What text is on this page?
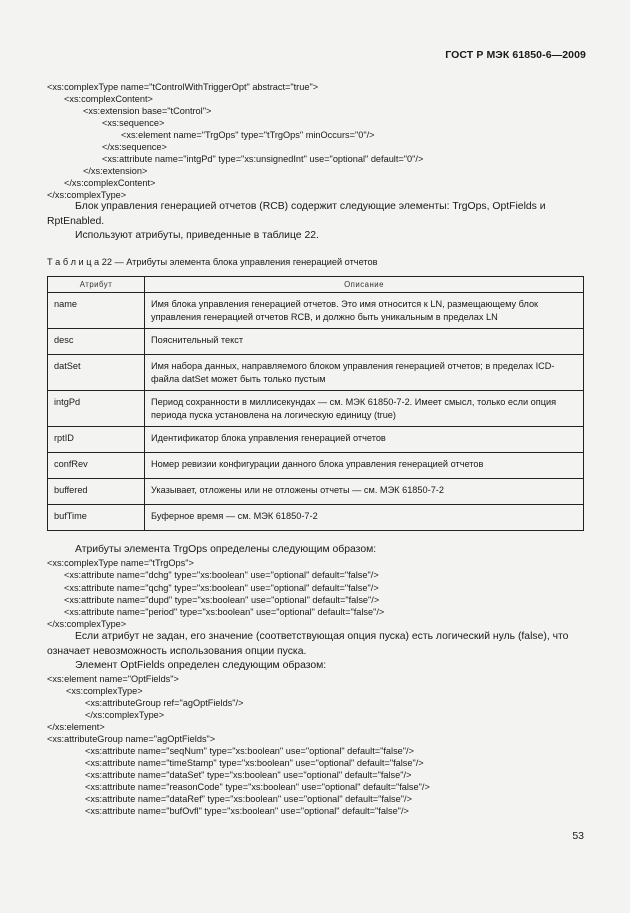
ГОСТ Р МЭК 61850-6—2009
<xs:complexType name="tControlWithTriggerOpt" abstract="true">
<xs:complexContent>
<xs:extension base="tControl">
<xs:sequence>
<xs:element name="TrgOps" type="tTrgOps" minOccurs="0"/>
</xs:sequence>
<xs:attribute name="intgPd" type="xs:unsignedInt" use="optional" default="0"/>
</xs:extension>
</xs:complexContent>
</xs:complexType>
Блок управления генерацией отчетов (RCB) содержит следующие элементы: TrgOps, OptFields и RptEnabled.
Используют атрибуты, приведенные в таблице 22.
Т а б л и ц а 22 — Атрибуты элемента блока управления генерацией отчетов
Атрибут	Описание
name	Имя блока управления генерацией отчетов. Это имя относится к LN, размещающему блок управления генерацией отчетов RCB, и должно быть уникальным в пределах LN
desc	Пояснительный текст
datSet	Имя набора данных, направляемого блоком управления генерацией отчетов; в пределах ICD-файла datSet может быть только пустым
intgPd	Период сохранности в миллисекундах — см. МЭК 61850-7-2. Имеет смысл, только если опция периода пуска установлена на логическую единицу (true)
rptID	Идентификатор блока управления генерацией отчетов
confRev	Номер ревизии конфигурации данного блока управления генерацией отчетов
buffered	Указывает, отложены или не отложены отчеты — см. МЭК 61850-7-2
bufTime	Буферное время — см. МЭК 61850-7-2
Атрибуты элемента TrgOps определены следующим образом:
<xs:complexType name="tTrgOps">
<xs:attribute name="dchg" type="xs:boolean" use="optional" default="false"/>
<xs:attribute name="qchg" type="xs:boolean" use="optional" default="false"/>
<xs:attribute name="dupd" type="xs:boolean" use="optional" default="false"/>
<xs:attribute name="period" type="xs:boolean" use="optional" default="false"/>
</xs:complexType>
Если атрибут не задан, его значение (соответствующая опция пуска) есть логический нуль (false), что означает невозможность использования опции пуска.
Элемент OptFields определен следующим образом:
<xs:element name="OptFields">
<xs:complexType>
<xs:attributeGroup ref="agOptFields"/>
</xs:complexType>
</xs:element>
<xs:attributeGroup name="agOptFields">
<xs:attribute name="seqNum" type="xs:boolean" use="optional" default="false"/>
<xs:attribute name="timeStamp" type="xs:boolean" use="optional" default="false"/>
<xs:attribute name="dataSet" type="xs:boolean" use="optional" default="false"/>
<xs:attribute name="reasonCode" type="xs:boolean" use="optional" default="false"/>
<xs:attribute name="dataRef" type="xs:boolean" use="optional" default="false"/>
<xs:attribute name="bufOvfl" type="xs:boolean" use="optional" default="false"/>
53
